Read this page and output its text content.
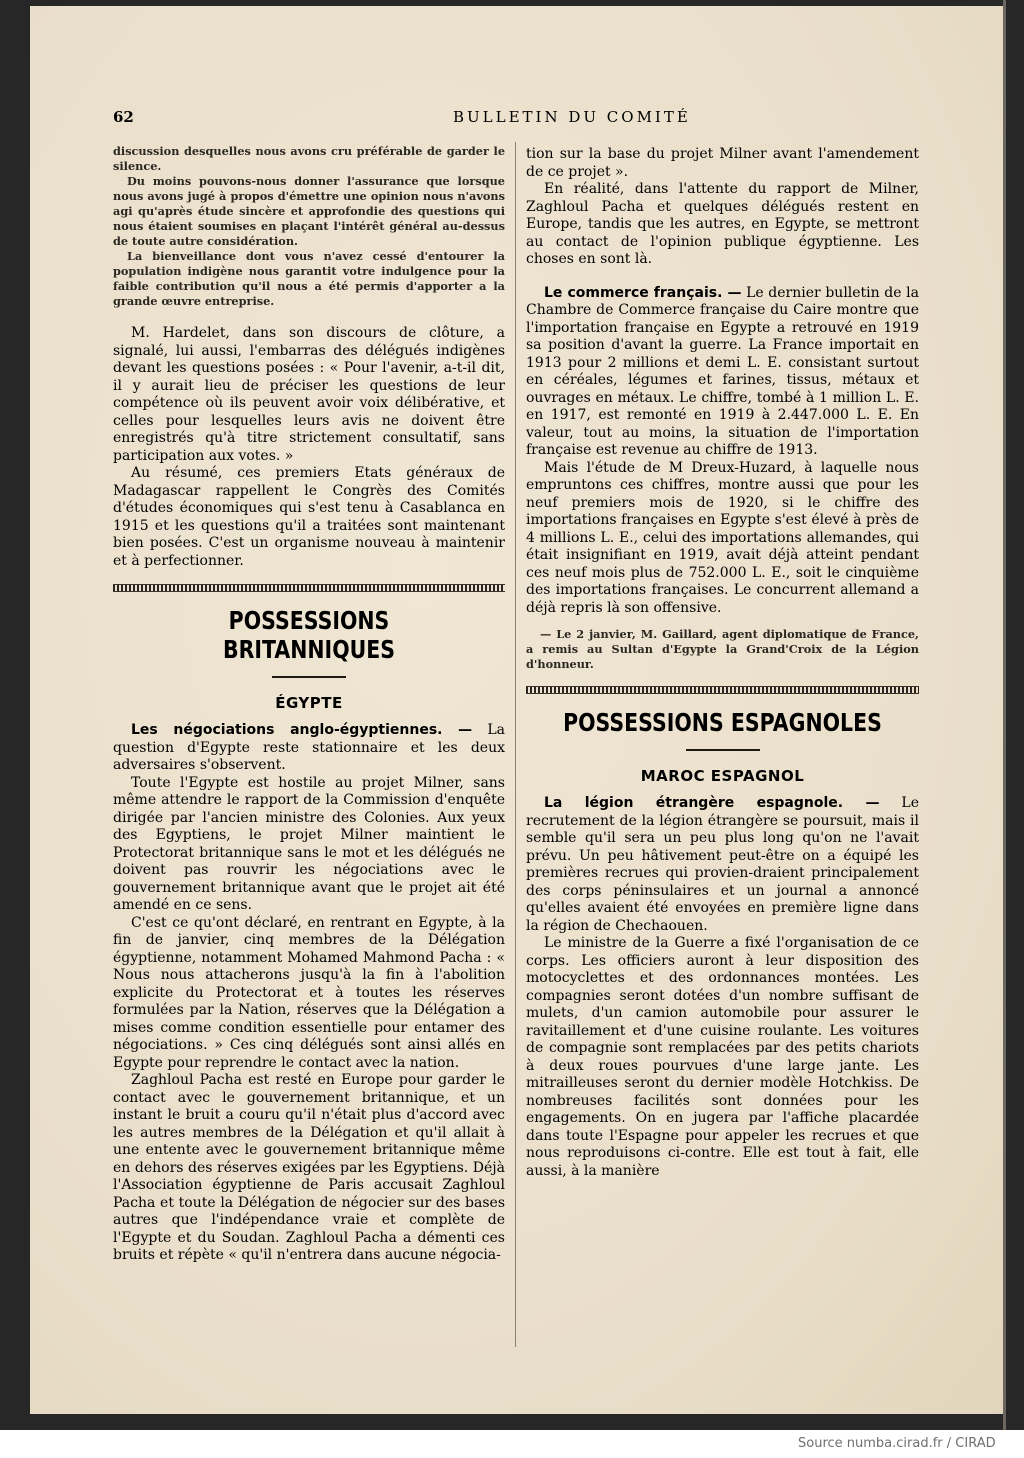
62	BULLETIN DU COMITÉ

discussion desquelles nous avons cru préférable de garder le silence.

Du moins pouvons-nous donner l'assurance que lorsque nous avons jugé à propos d'émettre une opinion nous n'avons agi qu'après étude sincère et approfondie des questions qui nous étaient soumises en plaçant l'intérêt général au-dessus de toute autre considération.

La bienveillance dont vous n'avez cessé d'entourer la population indigène nous garantit votre indulgence pour la faible contribution qu'il nous a été permis d'apporter a la grande œuvre entreprise.

M. Hardelet, dans son discours de clôture, a signalé, lui aussi, l'embarras des délégués indigènes devant les questions posées : « Pour l'avenir, a-t-il dit, il y aurait lieu de préciser les questions de leur compétence où ils peuvent avoir voix délibérative, et celles pour lesquelles leurs avis ne doivent être enregistrés qu'à titre strictement consultatif, sans participation aux votes. »

Au résumé, ces premiers Etats généraux de Madagascar rappellent le Congrès des Comités d'études économiques qui s'est tenu à Casablanca en 1915 et les questions qu'il a traitées sont maintenant bien posées. C'est un organisme nouveau à maintenir et à perfectionner.

POSSESSIONS BRITANNIQUES
ÉGYPTE

Les négociations anglo-égyptiennes. — La question d'Egypte reste stationnaire et les deux adversaires s'observent.

Toute l'Egypte est hostile au projet Milner, sans même attendre le rapport de la Commission d'enquête dirigée par l'ancien ministre des Colonies. Aux yeux des Egyptiens, le projet Milner maintient le Protectorat britannique sans le mot et les délégués ne doivent pas rouvrir les négociations avec le gouvernement britannique avant que le projet ait été amendé en ce sens.

C'est ce qu'ont déclaré, en rentrant en Egypte, à la fin de janvier, cinq membres de la Délégation égyptienne, notamment Mohamed Mahmond Pacha : « Nous nous attacherons jusqu'à la fin à l'abolition explicite du Protectorat et à toutes les réserves formulées par la Nation, réserves que la Délégation a mises comme condition essentielle pour entamer des négociations. » Ces cinq délégués sont ainsi allés en Egypte pour reprendre le contact avec la nation.

Zaghloul Pacha est resté en Europe pour garder le contact avec le gouvernement britannique, et un instant le bruit a couru qu'il n'était plus d'accord avec les autres membres de la Délégation et qu'il allait à une entente avec le gouvernement britannique même en dehors des réserves exigées par les Egyptiens. Déjà l'Association égyptienne de Paris accusait Zaghloul Pacha et toute la Délégation de négocier sur des bases autres que l'indépendance vraie et complète de l'Egypte et du Soudan. Zaghloul Pacha a démenti ces bruits et répète « qu'il n'entrera dans aucune négocia-

tion sur la base du projet Milner avant l'amendement de ce projet ».

En réalité, dans l'attente du rapport de Milner, Zaghloul Pacha et quelques délégués restent en Europe, tandis que les autres, en Egypte, se mettront au contact de l'opinion publique égyptienne. Les choses en sont là.

Le commerce français. — Le dernier bulletin de la Chambre de Commerce française du Caire montre que l'importation française en Egypte a retrouvé en 1919 sa position d'avant la guerre. La France importait en 1913 pour 2 millions et demi L. E. consistant surtout en céréales, légumes et farines, tissus, métaux et ouvrages en métaux. Le chiffre, tombé à 1 million L. E. en 1917, est remonté en 1919 à 2.447.000 L. E. En valeur, tout au moins, la situation de l'importation française est revenue au chiffre de 1913.

Mais l'étude de M Dreux-Huzard, à laquelle nous empruntons ces chiffres, montre aussi que pour les neuf premiers mois de 1920, si le chiffre des importations françaises en Egypte s'est élevé à près de 4 millions L. E., celui des importations allemandes, qui était insignifiant en 1919, avait déjà atteint pendant ces neuf mois plus de 752.000 L. E., soit le cinquième des importations françaises. Le concurrent allemand a déjà repris là son offensive.

— Le 2 janvier, M. Gaillard, agent diplomatique de France, a remis au Sultan d'Egypte la Grand'Croix de la Légion d'honneur.

POSSESSIONS ESPAGNOLES
MAROC ESPAGNOL

La légion étrangère espagnole. — Le recrutement de la légion étrangère se poursuit, mais il semble qu'il sera un peu plus long qu'on ne l'avait prévu. Un peu hâtivement peut-être on a équipé les premières recrues qui provien-draient principalement des corps péninsulaires et un journal a annoncé qu'elles avaient été envoyées en première ligne dans la région de Chechaouen.

Le ministre de la Guerre a fixé l'organisation de ce corps. Les officiers auront à leur disposition des motocyclettes et des ordonnances montées. Les compagnies seront dotées d'un nombre suffisant de mulets, d'un camion automobile pour assurer le ravitaillement et d'une cuisine roulante. Les voitures de compagnie sont remplacées par des petits chariots à deux roues pourvues d'une large jante. Les mitrailleuses seront du dernier modèle Hotchkiss. De nombreuses facilités sont données pour les engagements. On en jugera par l'affiche placardée dans toute l'Espagne pour appeler les recrues et que nous reproduisons ci-contre. Elle est tout à fait, elle aussi, à la manière

Source numba.cirad.fr / CIRAD
